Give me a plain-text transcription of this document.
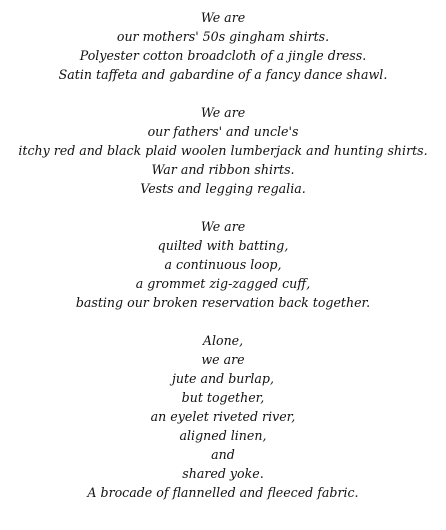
We are
our mothers' 50s gingham shirts.
Polyester cotton broadcloth of a jingle dress.
Satin taffeta and gabardine of a fancy dance shawl.
We are
our fathers' and uncle's
itchy red and black plaid woolen lumberjack and hunting shirts.
War and ribbon shirts.
Vests and legging regalia.
We are
quilted with batting,
a continuous loop,
a grommet zig-zagged cuff,
basting our broken reservation back together.
Alone,
we are
jute and burlap,
but together,
an eyelet riveted river,
aligned linen,
and
shared yoke.
A brocade of flannelled and fleeced fabric.
